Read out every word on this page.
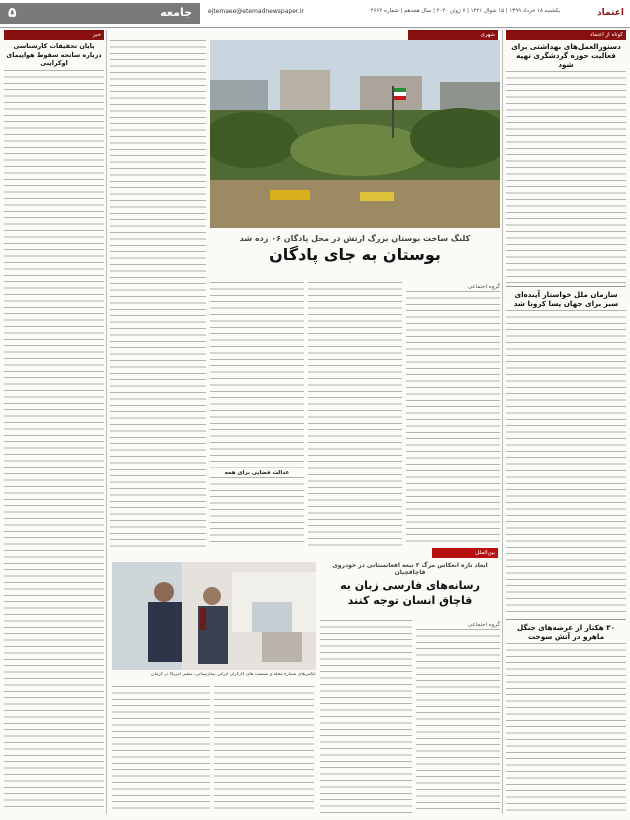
جامعه
۵	ejtemaee@etemadnewspaper.ir	یکشنبه ۱۸ خرداد ۱۳۹۹ | ۱۵ شوال ۱۴۴۱ | ۷ ژوئن ۲۰۲۰ | سال هجدهم | شماره ۴۶۶۲	اعتماد
کوتاه از اعتماد
دستورالعمل‌های بهداشتی برای فعالیت حوزه گردشگری تهیه شود
سازمان ملل خواستار آینده‌ای سبز برای جهان پسا کرونا شد
۳۰ هکتار از عرصه‌های جنگل ماهرو در آتش سوخت
شهری
کلنگ ساخت بوستان بزرگ ارتش در محل پادگان ۰۶ زده شد
بوستان به جای پادگان
گروه اجتماعی
عدالت فضایی برای همه
بین‌الملل
ابعاد تازه انعکاس مرگ ۳ تبعه افغانستانی در خودروی قاچاقچیان
رسانه‌های فارسی زبان به قاچاق انسان توجه کنند
عکس‌های شماره مجله و نشست ‌های کارگران ایرانی بیمارستانی، سفیر آمریکا در کرمان
گروه اجتماعی
خبر
پایان تحقیقات کارشناسی درباره سانحه سقوط هواپیمای اوکراینی
